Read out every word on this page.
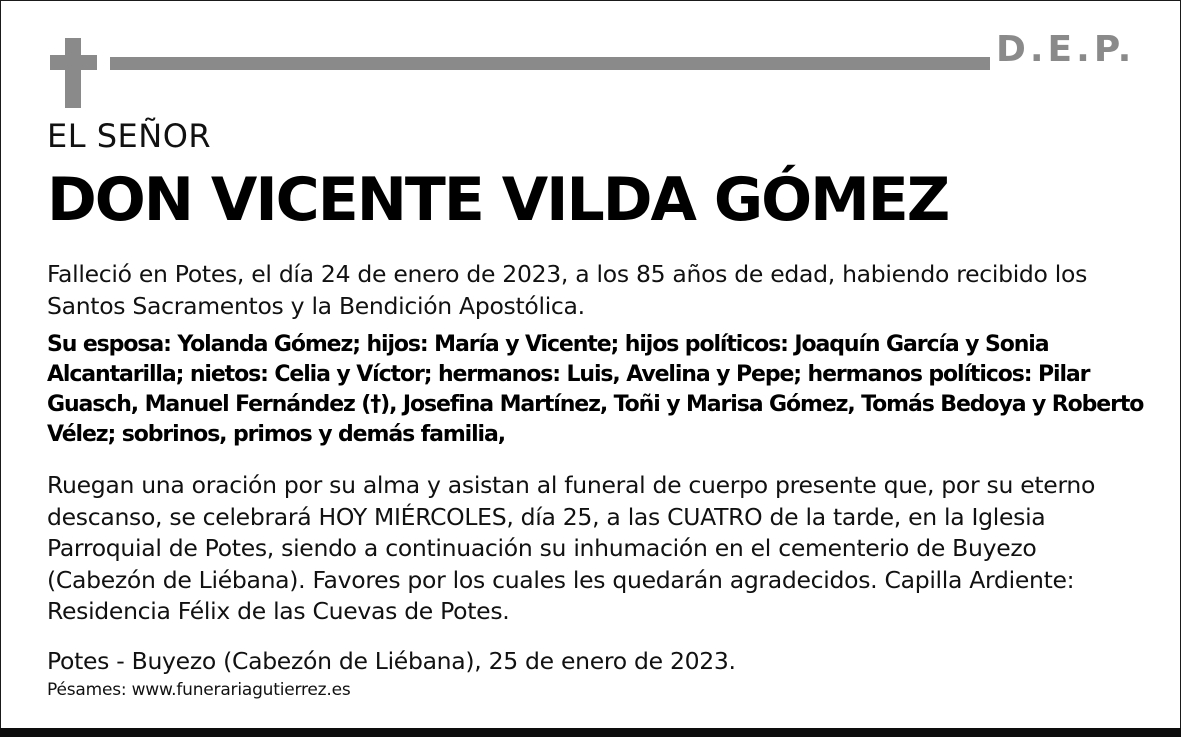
D.E.P.
EL SEÑOR
DON VICENTE VILDA GÓMEZ

Falleció en Potes, el día 24 de enero de 2023, a los 85 años de edad, habiendo recibido los Santos Sacramentos y la Bendición Apostólica.

Su esposa: Yolanda Gómez; hijos: María y Vicente; hijos políticos: Joaquín García y Sonia Alcantarilla; nietos: Celia y Víctor; hermanos: Luis, Avelina y Pepe; hermanos políticos: Pilar Guasch, Manuel Fernández (†), Josefina Martínez, Toñi y Marisa Gómez, Tomás Bedoya y Roberto Vélez; sobrinos, primos y demás familia,

Ruegan una oración por su alma y asistan al funeral de cuerpo presente que, por su eterno descanso, se celebrará HOY MIÉRCOLES, día 25, a las CUATRO de la tarde, en la Iglesia Parroquial de Potes, siendo a continuación su inhumación en el cementerio de Buyezo (Cabezón de Liébana). Favores por los cuales les quedarán agradecidos. Capilla Ardiente: Residencia Félix de las Cuevas de Potes.

Potes - Buyezo (Cabezón de Liébana), 25 de enero de 2023.

Pésames: www.funerariagutierrez.es
